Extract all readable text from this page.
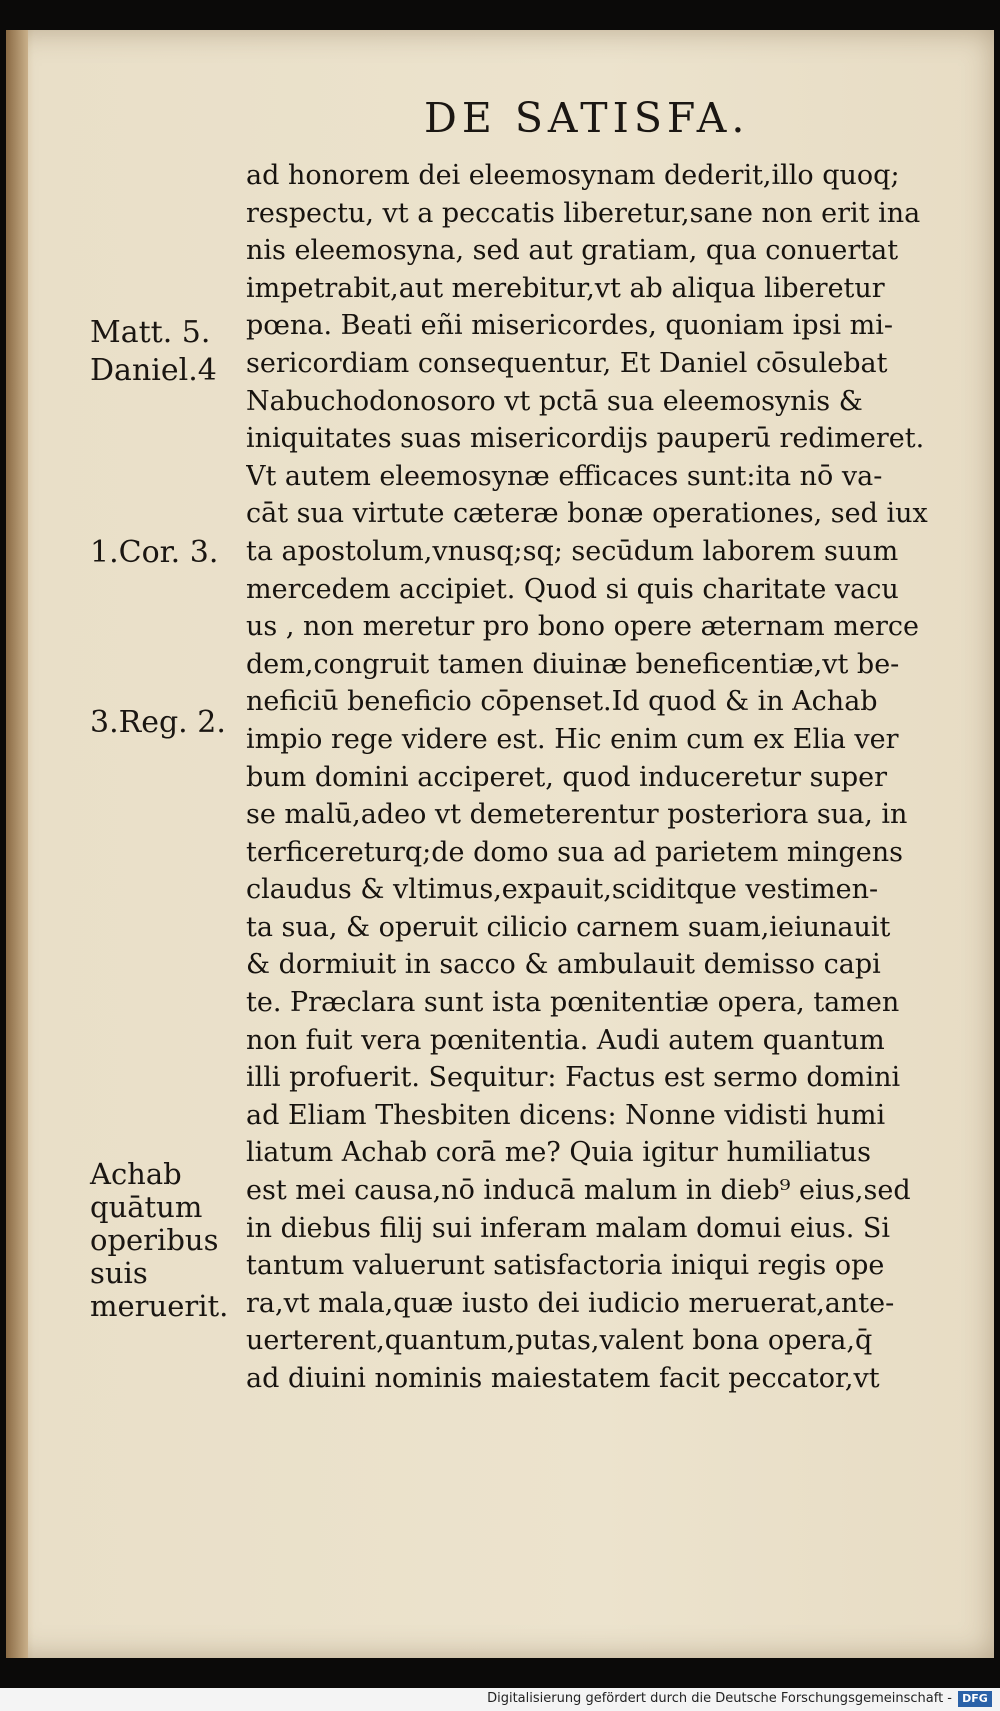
DE SATISFA.
ad honorem dei eleemosynam dederit,illo quoq;
respectu, vt a peccatis liberetur,sane non erit ina
nis eleemosyna, sed aut gratiam, qua conuertat
impetrabit,aut merebitur,vt ab aliqua liberetur
pœna. Beati eñi misericordes, quoniam ipsi mi-
sericordiam consequentur, Et Daniel cōsulebat
Nabuchodonosoro vt pctā sua eleemosynis &
iniquitates suas misericordijs pauperū redimeret.
Vt autem eleemosynæ efficaces sunt:ita nō va-
cāt sua virtute cæteræ bonæ operationes, sed iux
ta apostolum,vnusq;sq; secūdum laborem suum
mercedem accipiet. Quod si quis charitate vacu
us , non meretur pro bono opere æternam merce
dem,congruit tamen diuinæ beneficentiæ,vt be-
neficiū beneficio cōpenset.Id quod & in Achab
impio rege videre est. Hic enim cum ex Elia ver
bum domini acciperet, quod induceretur super
se malū,adeo vt demeterentur posteriora sua, in
terficereturq;de domo sua ad parietem mingens
claudus & vltimus,expauit,sciditque vestimen-
ta sua, & operuit cilicio carnem suam,ieiunauit
& dormiuit in sacco & ambulauit demisso capi
te. Præclara sunt ista pœnitentiæ opera, tamen
non fuit vera pœnitentia. Audi autem quantum
illi profuerit. Sequitur: Factus est sermo domini
ad Eliam Thesbiten dicens: Nonne vidisti humi
liatum Achab corā me? Quia igitur humiliatus
est mei causa,nō inducā malum in dieb⁹ eius,sed
in diebus filij sui inferam malam domui eius. Si
tantum valuerunt satisfactoria iniqui regis ope
ra,vt mala,quæ iusto dei iudicio meruerat,ante-
uerterent,quantum,putas,valent bona opera,q̄
ad diuini nominis maiestatem facit peccator,vt
Matt. 5.
Daniel.4
1.Cor. 3.
3.Reg. 2.
Achab quātum operibus suis meruerit.
Digitalisierung gefördert durch die Deutsche Forschungsgemeinschaft - DFG
